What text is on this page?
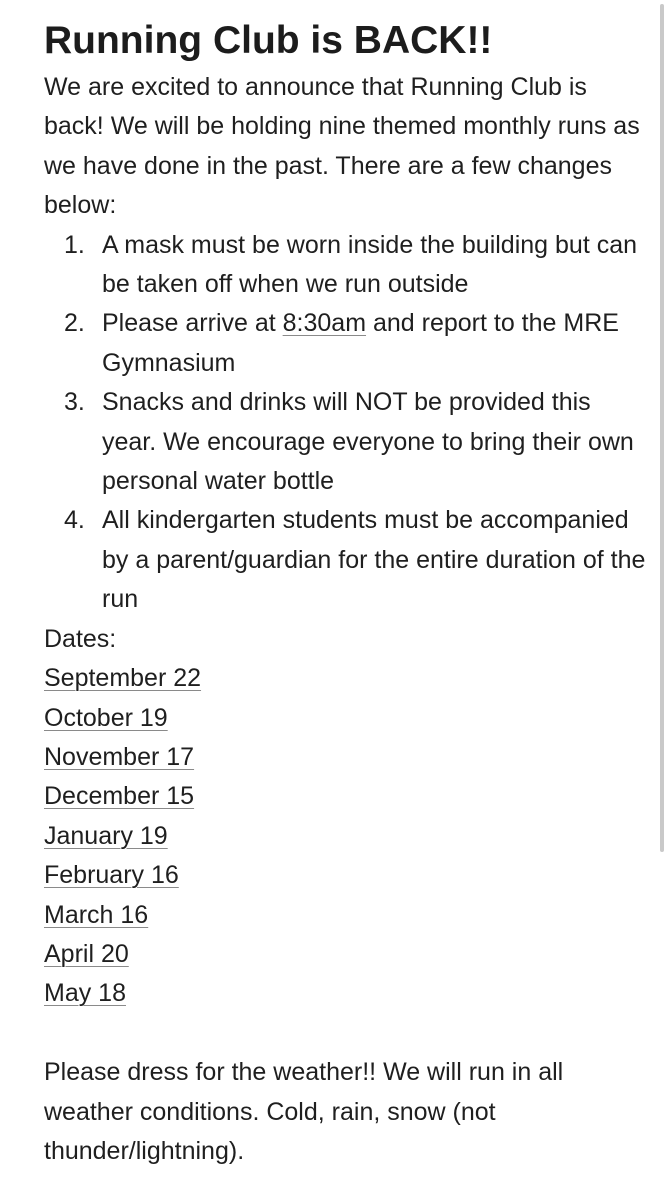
Running Club is BACK!!

We are excited to announce that Running Club is back! We will be holding nine themed monthly runs as we have done in the past. There are a few changes below:

1. A mask must be worn inside the building but can be taken off when we run outside
2. Please arrive at 8:30am and report to the MRE Gymnasium
3. Snacks and drinks will NOT be provided this year. We encourage everyone to bring their own personal water bottle
4. All kindergarten students must be accompanied by a parent/guardian for the entire duration of the run
Dates:
September 22
October 19
November 17
December 15
January 19
February 16
March 16
April 20
May 18
Please dress for the weather!! We will run in all weather conditions. Cold, rain, snow (not thunder/lightning).
